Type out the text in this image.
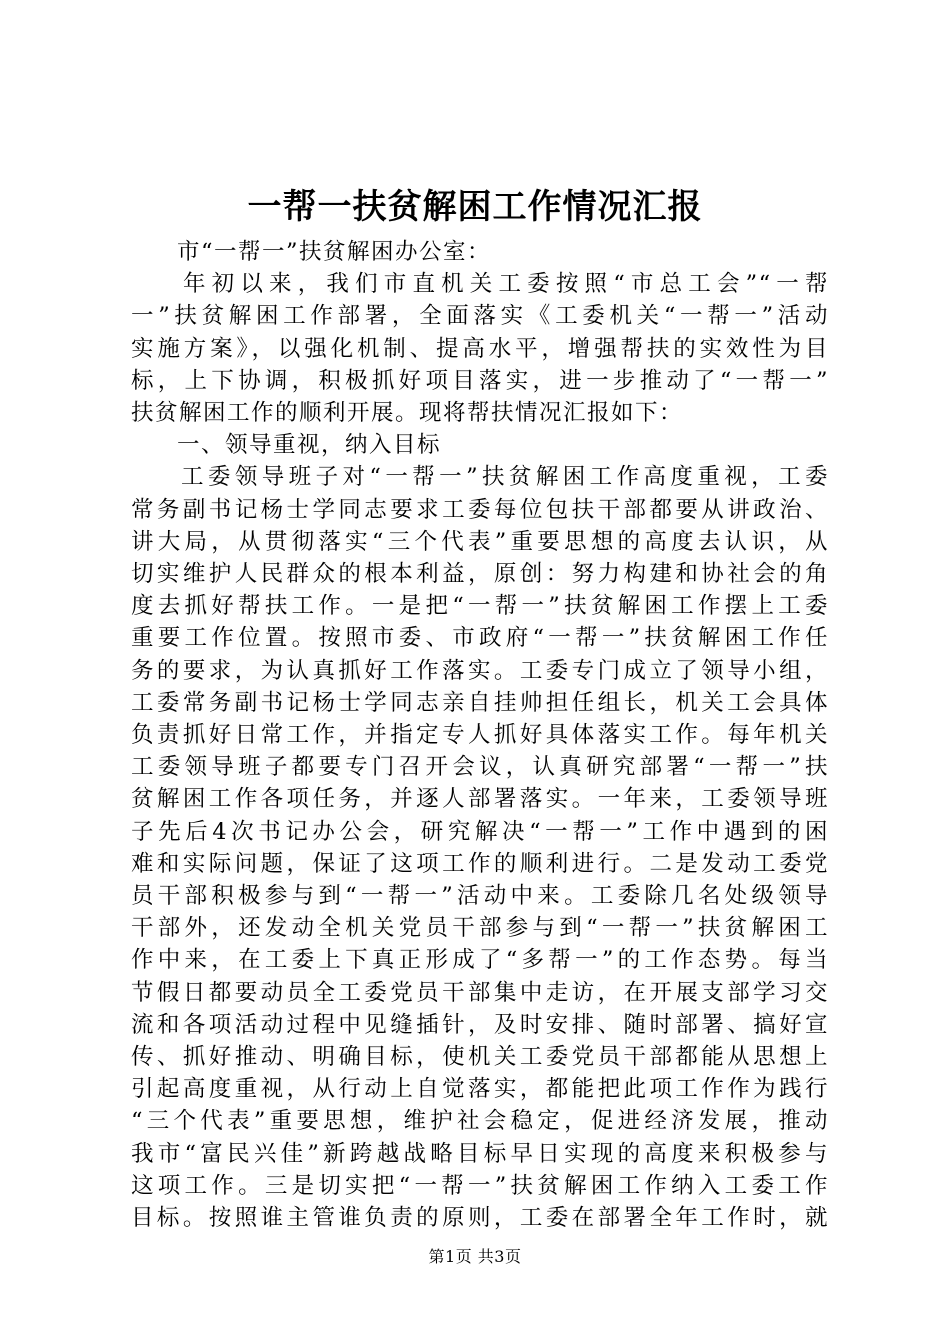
一帮一扶贫解困工作情况汇报
市“一帮一”扶贫解困办公室：
年初以来，我们市直机关工委按照“市总工会”“一帮
一”扶贫解困工作部署，全面落实《工委机关“一帮一”活动
实施方案》，以强化机制、提高水平，增强帮扶的实效性为目
标，上下协调，积极抓好项目落实，进一步推动了“一帮一”
扶贫解困工作的顺利开展。现将帮扶情况汇报如下：
一、领导重视，纳入目标
工委领导班子对“一帮一”扶贫解困工作高度重视，工委
常务副书记杨士学同志要求工委每位包扶干部都要从讲政治、
讲大局，从贯彻落实“三个代表”重要思想的高度去认识，从
切实维护人民群众的根本利益，原创：努力构建和协社会的角
度去抓好帮扶工作。一是把“一帮一”扶贫解困工作摆上工委
重要工作位置。按照市委、市政府“一帮一”扶贫解困工作任
务的要求，为认真抓好工作落实。工委专门成立了领导小组，
工委常务副书记杨士学同志亲自挂帅担任组长，机关工会具体
负责抓好日常工作，并指定专人抓好具体落实工作。每年机关
工委领导班子都要专门召开会议，认真研究部署“一帮一”扶
贫解困工作各项任务，并逐人部署落实。一年来，工委领导班
子先后4次书记办公会，研究解决“一帮一”工作中遇到的困
难和实际问题，保证了这项工作的顺利进行。二是发动工委党
员干部积极参与到“一帮一”活动中来。工委除几名处级领导
干部外，还发动全机关党员干部参与到“一帮一”扶贫解困工
作中来，在工委上下真正形成了“多帮一”的工作态势。每当
节假日都要动员全工委党员干部集中走访，在开展支部学习交
流和各项活动过程中见缝插针，及时安排、随时部署、搞好宣
传、抓好推动、明确目标，使机关工委党员干部都能从思想上
引起高度重视，从行动上自觉落实，都能把此项工作作为践行
“三个代表”重要思想，维护社会稳定，促进经济发展，推动
我市“富民兴佳”新跨越战略目标早日实现的高度来积极参与
这项工作。三是切实把“一帮一”扶贫解困工作纳入工委工作
目标。按照谁主管谁负责的原则，工委在部署全年工作时，就
第1页 共3页
